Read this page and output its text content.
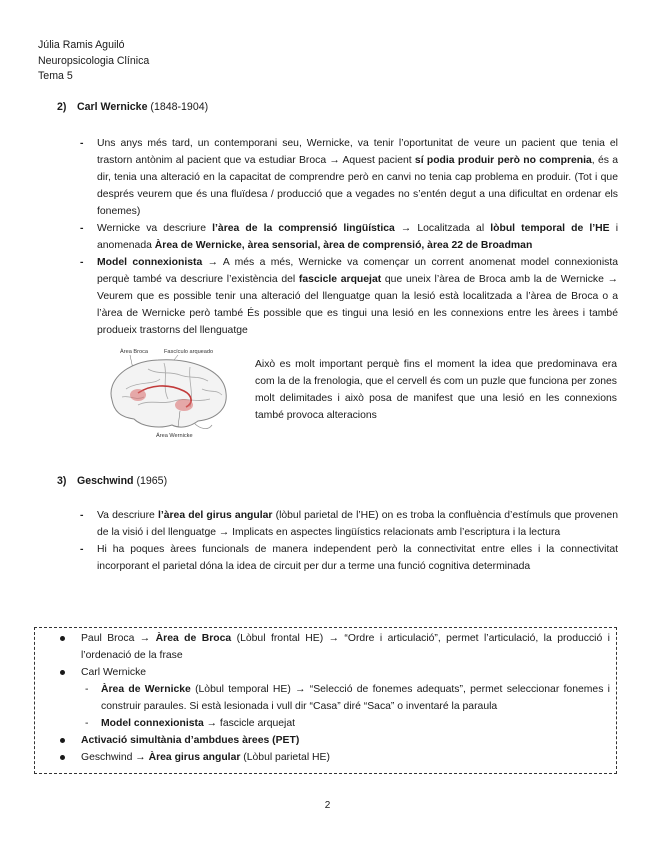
Júlia Ramis Aguiló
Neuropsicologia Clínica
Tema 5
2) Carl Wernicke (1848-1904)
- Uns anys més tard, un contemporani seu, Wernicke, va tenir l’oportunitat de veure un pacient que tenia el trastorn antònim al pacient que va estudiar Broca → Aquest pacient sí podia produir però no comprenia, és a dir, tenia una alteració en la capacitat de comprendre però en canvi no tenia cap problema en produir. (Tot i que després veurem que és una fluïdesa / producció que a vegades no s’entén degut a una dificultat en ordenar els fonemes)
- Wernicke va descriure l’àrea de la comprensió lingüística → Localitzada al lòbul temporal de l’HE i anomenada Àrea de Wernicke, àrea sensorial, àrea de comprensió, àrea 22 de Broadman
- Model connexionista → A més a més, Wernicke va començar un corrent anomenat model connexionista perquè també va descriure l’existència del fascicle arquejat que uneix l’àrea de Broca amb la de Wernicke → Veurem que es possible tenir una alteració del llenguatge quan la lesió està localitzada a l’àrea de Broca o a l’àrea de Wernicke però també És possible que es tingui una lesió en les connexions entre les àrees i també produeix trastorns del llenguatge
Àrea Broca	Fascículo arqueado
Área Wernicke
Això es molt important perquè fins el moment la idea que predominava era com la de la frenologia, que el cervell és com un puzle que funciona per zones molt delimitades i això posa de manifest que una lesió en les connexions també provoca alteracions
3) Geschwind (1965)
- Va descriure l’àrea del girus angular (lòbul parietal de l’HE) on es troba la confluència d’estímuls que provenen de la visió i del llenguatge → Implicats en aspectes lingüístics relacionats amb l’escriptura i la lectura
- Hi ha poques àrees funcionals de manera independent però la connectivitat entre elles i la connectivitat incorporant el parietal dóna la idea de circuit per dur a terme una funció cognitiva determinada
Paul Broca → Àrea de Broca (Lòbul frontal HE) → “Ordre i articulació”, permet l’articulació, la producció i l’ordenació de la frase
Carl Wernicke
- Àrea de Wernicke (Lòbul temporal HE) → “Selecció de fonemes adequats”, permet seleccionar fonemes i construir paraules. Si està lesionada i vull dir “Casa” diré “Saca” o inventaré la paraula
- Model connexionista → fascicle arquejat
Activació simultània d’ambdues àrees (PET)
Geschwind → Àrea girus angular (Lòbul parietal HE)
2
